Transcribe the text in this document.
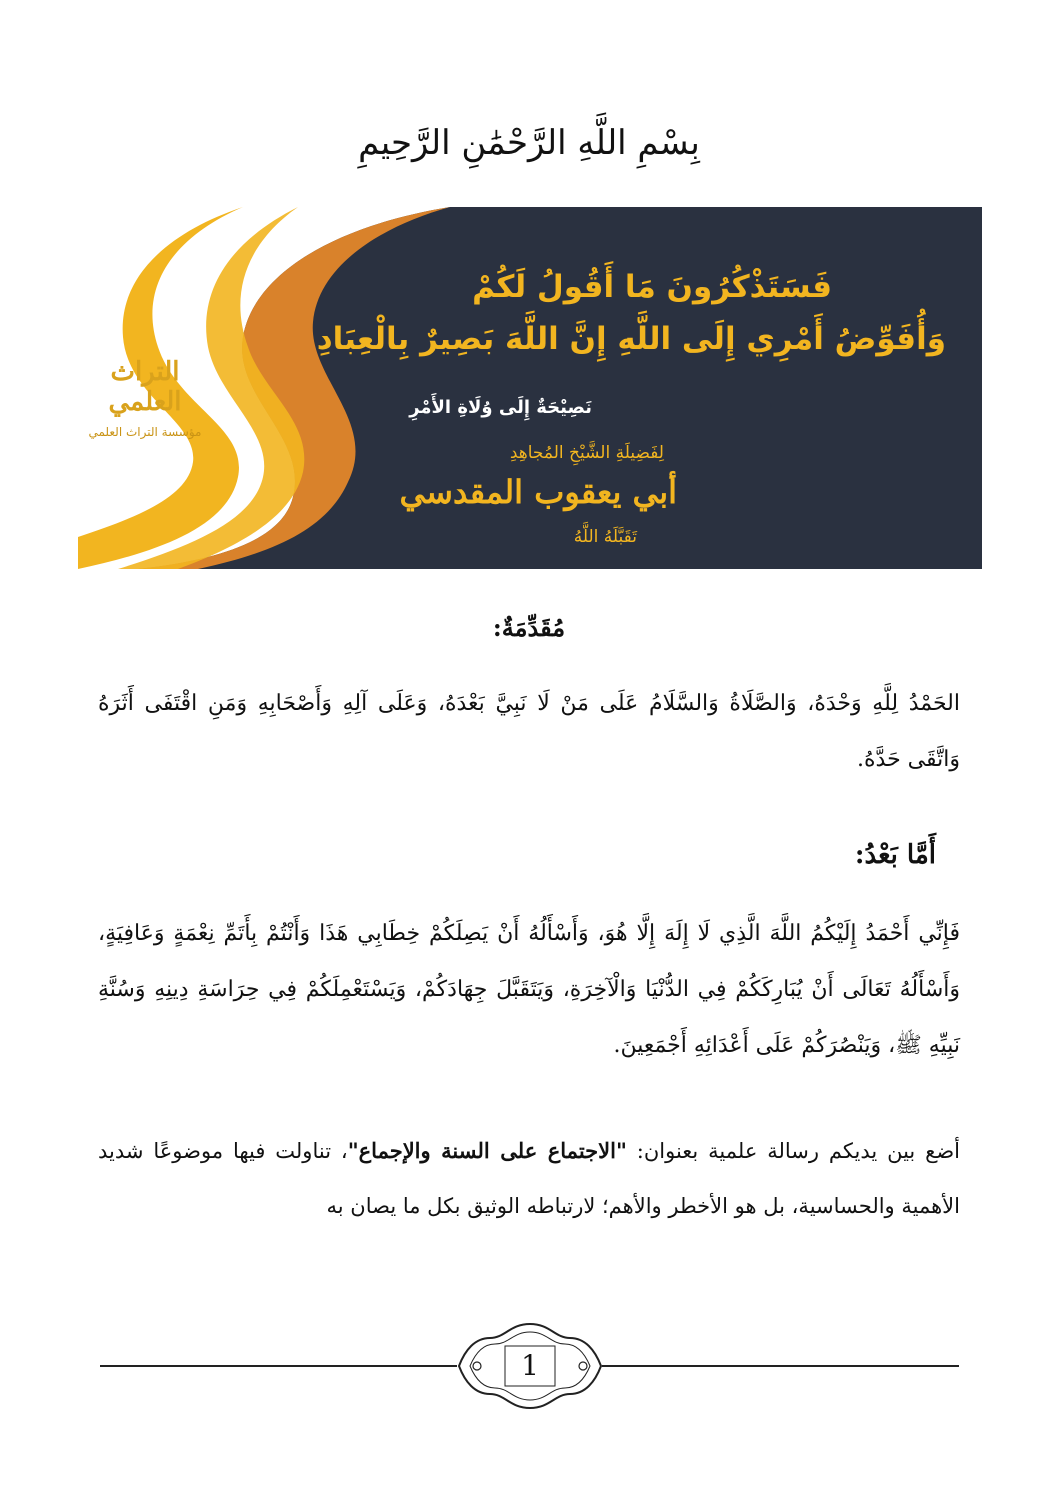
بِسْمِ اللَّهِ الرَّحْمَٰنِ الرَّحِيمِ
التراث العلمي
مؤسسة التراث العلمي
فَسَتَذْكُرُونَ مَا أَقُولُ لَكُمْ
وَأُفَوِّضُ أَمْرِي إِلَى اللَّهِ إِنَّ اللَّهَ بَصِيرٌ بِالْعِبَادِ
نَصِيْحَةٌ إِلَى وُلَاةِ الأَمْرِ
لِفَضِيلَةِ الشَّيْخِ المُجاهِدِ
أبي يعقوب المقدسي
تَقَبَّلَهُ اللَّهُ
مُقَدِّمَةٌ:
الحَمْدُ لِلَّهِ وَحْدَهُ، وَالصَّلَاةُ وَالسَّلَامُ عَلَى مَنْ لَا نَبِيَّ بَعْدَهُ، وَعَلَى آلِهِ وَأَصْحَابِهِ وَمَنِ اقْتَفَى أَثَرَهُ وَاتَّقَى حَدَّهُ.
أَمَّا بَعْدُ:
فَإِنِّي أَحْمَدُ إِلَيْكُمُ اللَّهَ الَّذِي لَا إِلَهَ إِلَّا هُوَ، وَأَسْأَلُهُ أَنْ يَصِلَكُمْ خِطَابِي هَذَا وَأَنْتُمْ بِأَتَمِّ نِعْمَةٍ وَعَافِيَةٍ، وَأَسْأَلُهُ تَعَالَى أَنْ يُبَارِكَكُمْ فِي الدُّنْيَا وَالْآخِرَةِ، وَيَتَقَبَّلَ جِهَادَكُمْ، وَيَسْتَعْمِلَكُمْ فِي حِرَاسَةِ دِينِهِ وَسُنَّةِ نَبِيِّهِ ﷺ، وَيَنْصُرَكُمْ عَلَى أَعْدَائِهِ أَجْمَعِينَ.
أضع بين يديكم رسالة علمية بعنوان: "الاجتماع على السنة والإجماع"، تناولت فيها موضوعًا شديد الأهمية والحساسية، بل هو الأخطر والأهم؛ لارتباطه الوثيق بكل ما يصان به
1
